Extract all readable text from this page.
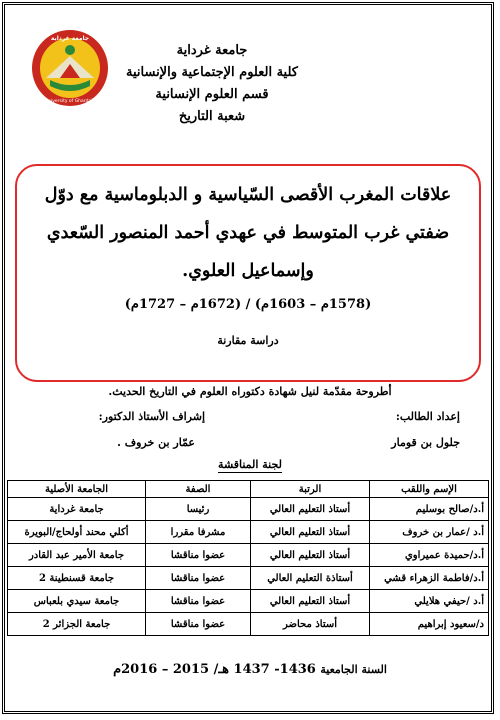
جامعة غرداية
University of Ghardaia
جامعة غرداية
كلية العلوم الإجتماعية والإنسانية
قسم العلوم الإنسانية
شعبة التاريخ
علاقات المغرب الأقصى السّياسية و الدبلوماسية مع دوّل
ضفتي غرب المتوسط في عهدي أحمد المنصور السّعدي
وإسماعيل العلوي.
(1578م – 1603م) / (1672م – 1727م)
دراسة مقارنة
أطروحة مقدّمة لنيل شهادة دكتوراه العلوم في التاريخ الحديث.
إعداد الطالب:
جلول بن قومار
إشراف الأستاذ الدكتور:
عمّار بن خروف .
لجنة المناقشة
الإسم واللقب	الرتبة	الصفة	الجامعة الأصلية
أ.د/صالح بوسليم	أستاذ التعليم العالي	رئيسا	جامعة غرداية
أ.د /عمار بن خروف	أستاذ التعليم العالي	مشرفا مقررا	أكلي محند أولحاج/البويرة
أ.د/حميدة عميراوي	أستاذ التعليم العالي	عضوا مناقشا	جامعة الأمير عبد القادر
أ.د/فاطمة الزهراء قشي	أستاذة التعليم العالي	عضوا مناقشا	جامعة قسنطينة 2
أ.د /حيفي هلايلي	أستاذ التعليم العالي	عضوا مناقشا	جامعة سيدي بلعباس
د/سعيود إبراهيم	أستاذ محاضر	عضوا مناقشا	جامعة الجزائر 2
السنة الجامعية 1436- 1437 هـ/ 2015 – 2016م
